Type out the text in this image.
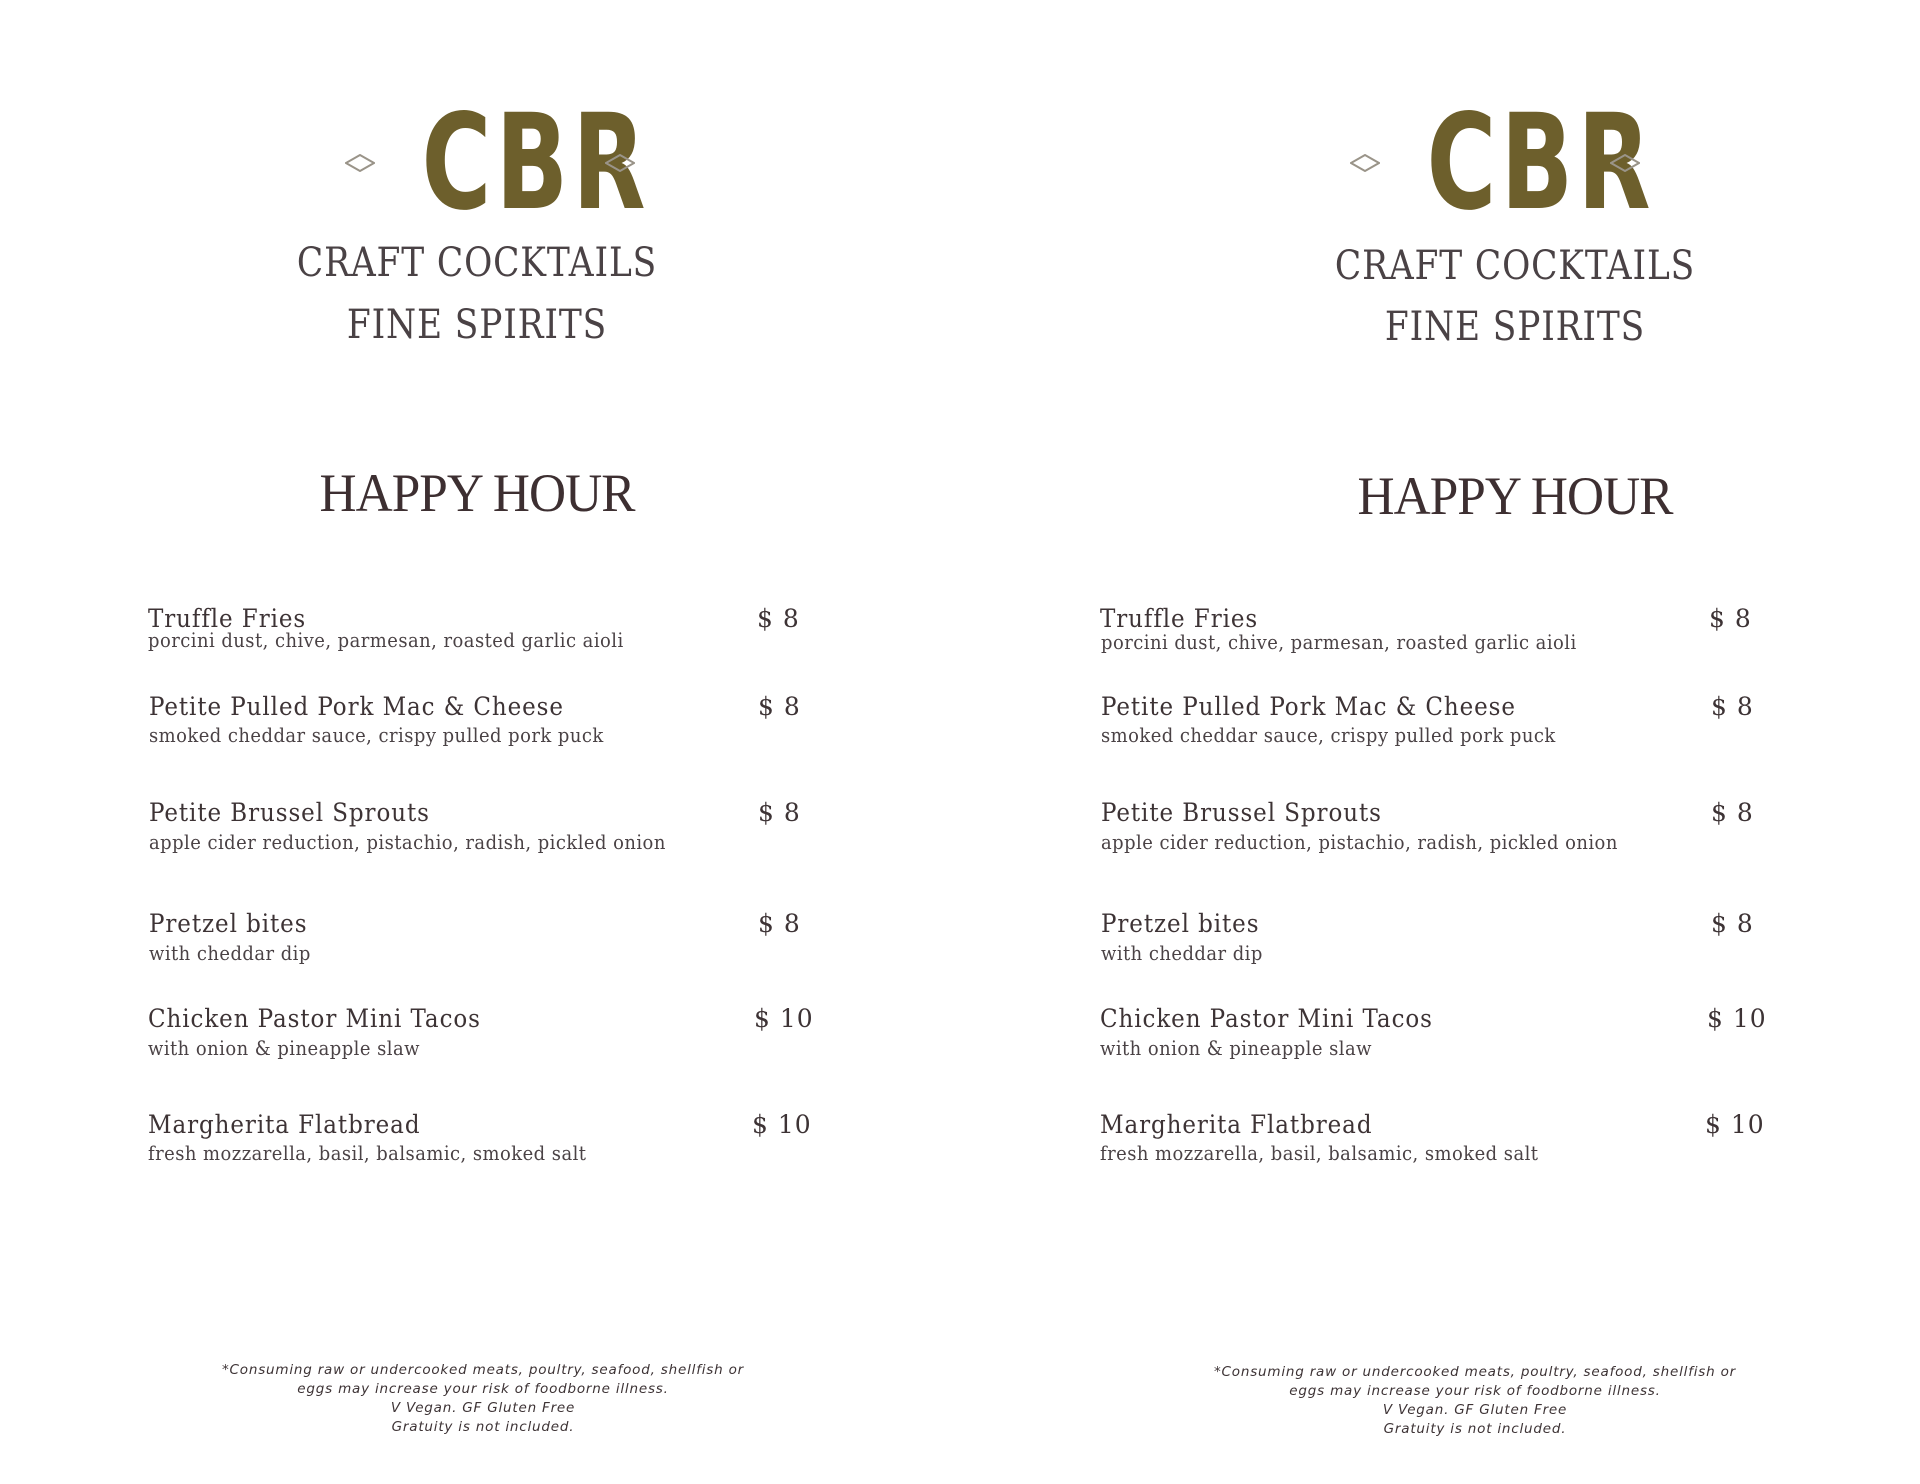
CBR
CRAFT COCKTAILS
FINE SPIRITS
HAPPY HOUR
Truffle Fries
porcini dust, chive, parmesan, roasted garlic aioli
$ 8
Petite Pulled Pork Mac & Cheese
smoked cheddar sauce, crispy pulled pork puck
$ 8
Petite Brussel Sprouts
apple cider reduction, pistachio, radish, pickled onion
$ 8
Pretzel bites
with cheddar dip
$ 8
Chicken Pastor Mini Tacos
with onion & pineapple slaw
$ 10
Margherita Flatbread
fresh mozzarella, basil, balsamic, smoked salt
$ 10
*Consuming raw or undercooked meats, poultry, seafood, shellfish or
eggs may increase your risk of foodborne illness.
V Vegan. GF Gluten Free
Gratuity is not included.
CBR
CRAFT COCKTAILS
FINE SPIRITS
HAPPY HOUR
Truffle Fries
porcini dust, chive, parmesan, roasted garlic aioli
$ 8
Petite Pulled Pork Mac & Cheese
smoked cheddar sauce, crispy pulled pork puck
$ 8
Petite Brussel Sprouts
apple cider reduction, pistachio, radish, pickled onion
$ 8
Pretzel bites
with cheddar dip
$ 8
Chicken Pastor Mini Tacos
with onion & pineapple slaw
$ 10
Margherita Flatbread
fresh mozzarella, basil, balsamic, smoked salt
$ 10
*Consuming raw or undercooked meats, poultry, seafood, shellfish or
eggs may increase your risk of foodborne illness.
V Vegan. GF Gluten Free
Gratuity is not included.
